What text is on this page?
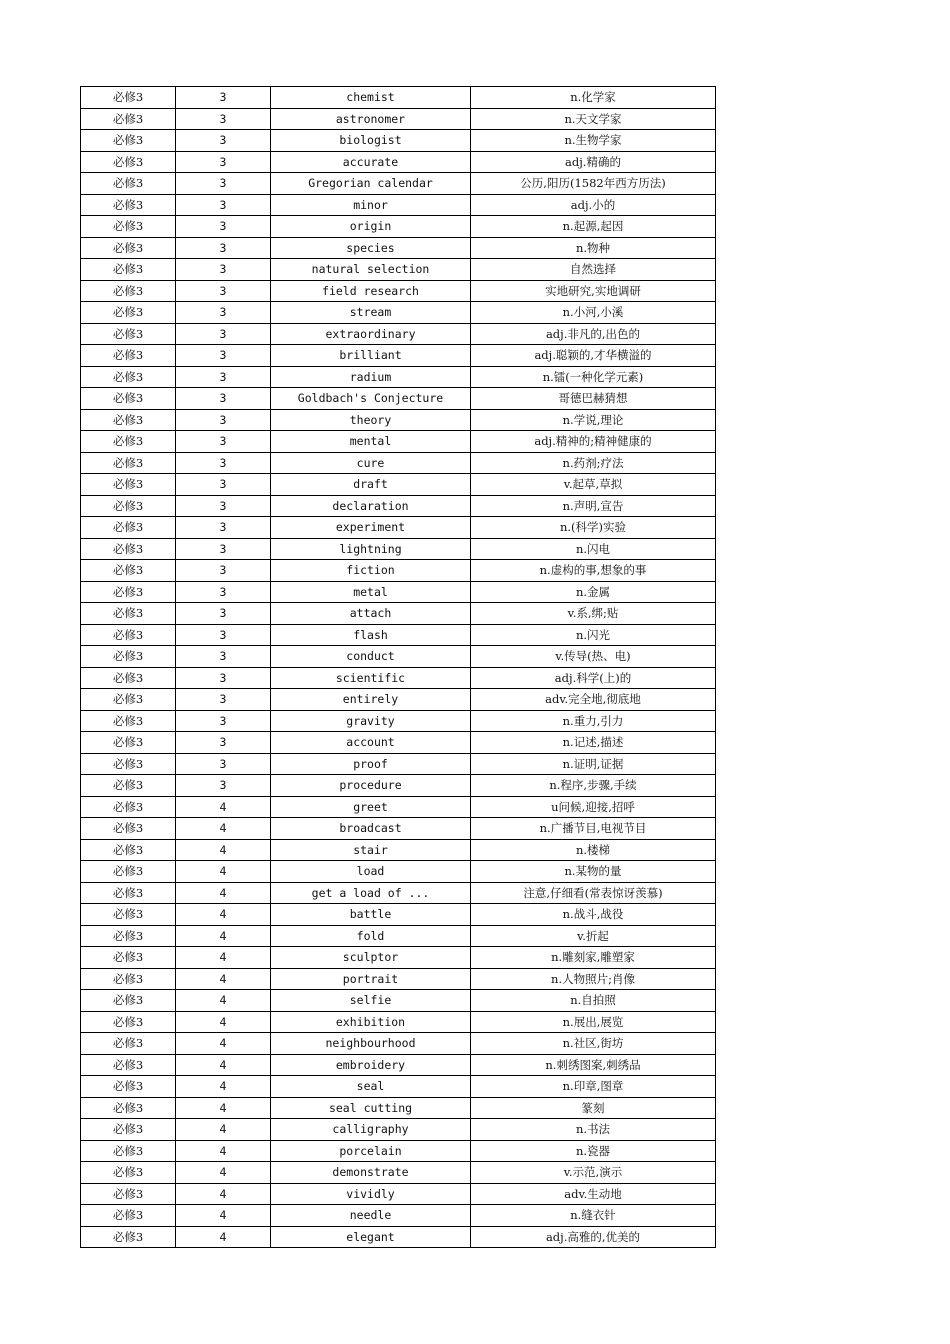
必修3	3	chemist	n.化学家
必修3	3	astronomer	n.天文学家
必修3	3	biologist	n.生物学家
必修3	3	accurate	adj.精确的
必修3	3	Gregorian calendar	公历,阳历(1582年西方历法)
必修3	3	minor	adj.小的
必修3	3	origin	n.起源,起因
必修3	3	species	n.物种
必修3	3	natural selection	自然选择
必修3	3	field research	实地研究,实地调研
必修3	3	stream	n.小河,小溪
必修3	3	extraordinary	adj.非凡的,出色的
必修3	3	brilliant	adj.聪颖的,才华横溢的
必修3	3	radium	n.镭(一种化学元素)
必修3	3	Goldbach's Conjecture	哥德巴赫猜想
必修3	3	theory	n.学说,理论
必修3	3	mental	adj.精神的;精神健康的
必修3	3	cure	n.药剂;疗法
必修3	3	draft	v.起草,草拟
必修3	3	declaration	n.声明,宣告
必修3	3	experiment	n.(科学)实验
必修3	3	lightning	n.闪电
必修3	3	fiction	n.虚构的事,想象的事
必修3	3	metal	n.金属
必修3	3	attach	v.系,绑;贴
必修3	3	flash	n.闪光
必修3	3	conduct	v.传导(热、电)
必修3	3	scientific	adj.科学(上)的
必修3	3	entirely	adv.完全地,彻底地
必修3	3	gravity	n.重力,引力
必修3	3	account	n.记述,描述
必修3	3	proof	n.证明,证据
必修3	3	procedure	n.程序,步骤,手续
必修3	4	greet	u问候,迎接,招呼
必修3	4	broadcast	n.广播节目,电视节目
必修3	4	stair	n.楼梯
必修3	4	load	n.某物的量
必修3	4	get a load of ...	注意,仔细看(常表惊讶羡慕)
必修3	4	battle	n.战斗,战役
必修3	4	fold	v.折起
必修3	4	sculptor	n.雕刻家,雕塑家
必修3	4	portrait	n.人物照片;肖像
必修3	4	selfie	n.自拍照
必修3	4	exhibition	n.展出,展览
必修3	4	neighbourhood	n.社区,街坊
必修3	4	embroidery	n.刺绣图案,刺绣品
必修3	4	seal	n.印章,图章
必修3	4	seal cutting	篆刻
必修3	4	calligraphy	n.书法
必修3	4	porcelain	n.瓷器
必修3	4	demonstrate	v.示范,演示
必修3	4	vividly	adv.生动地
必修3	4	needle	n.缝衣针
必修3	4	elegant	adj.高雅的,优美的
